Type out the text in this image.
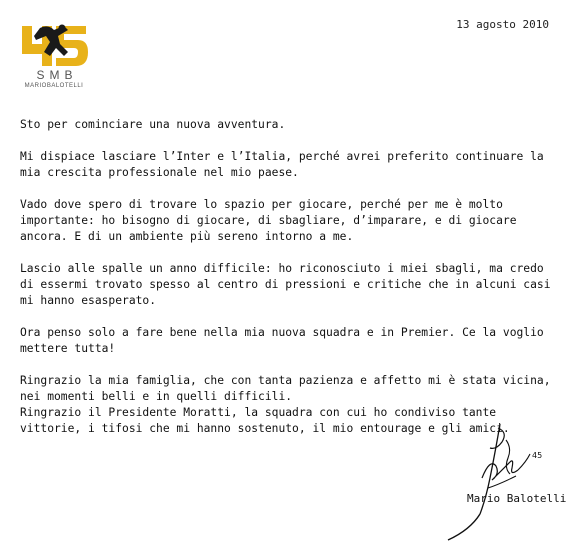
SMB
MARIOBALOTELLI
13 agosto 2010

Sto per cominciare una nuova avventura.

Mi dispiace lasciare l’Inter e l’Italia, perché avrei preferito continuare la mia crescita professionale nel mio paese.

Vado dove spero di trovare lo spazio per giocare, perché per me è molto importante: ho bisogno di giocare, di sbagliare, d’imparare, e di giocare ancora. E di un ambiente più sereno intorno a me.

Lascio alle spalle un anno difficile: ho riconosciuto i miei sbagli, ma credo di essermi trovato spesso al centro di pressioni e critiche che in alcuni casi mi hanno esasperato.

Ora penso solo a fare bene nella mia nuova squadra e in Premier. Ce la voglio mettere tutta!

Ringrazio la mia famiglia, che con tanta pazienza e affetto mi è stata vicina, nei momenti belli e in quelli difficili.

Ringrazio il Presidente Moratti, la squadra con cui ho condiviso tante vittorie, i tifosi che mi hanno sostenuto, il mio entourage e gli amici.

45
Mario Balotelli
